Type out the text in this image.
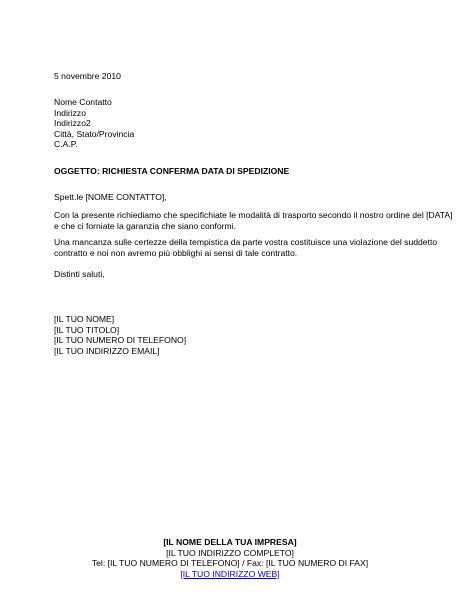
5 novembre 2010
Nome Contatto
Indirizzo
Indirizzo2
Città, Stato/Provincia
C.A.P.
OGGETTO: RICHIESTA CONFERMA DATA DI SPEDIZIONE
Spett.le [NOME CONTATTO],
Con la presente richiediamo che specifichiate le modalità di trasporto secondo il nostro ordine del [DATA]
e che ci forniate la garanzia che siano conformi.
Una mancanza sulle certezze della tempistica da parte vostra costituisce una violazione del suddetto
contratto e noi non avremo più obblighi ai sensi di tale contratto.
Distinti saluti,
[IL TUO NOME]
[IL TUO TITOLO]
[IL TUO NUMERO DI TELEFONO]
[IL TUO INDIRIZZO EMAIL]
[IL NOME DELLA TUA IMPRESA]
[IL TUO INDIRIZZO COMPLETO]
Tel: [IL TUO NUMERO DI TELEFONO] / Fax: [IL TUO NUMERO DI FAX]
[IL TUO INDIRIZZO WEB]
